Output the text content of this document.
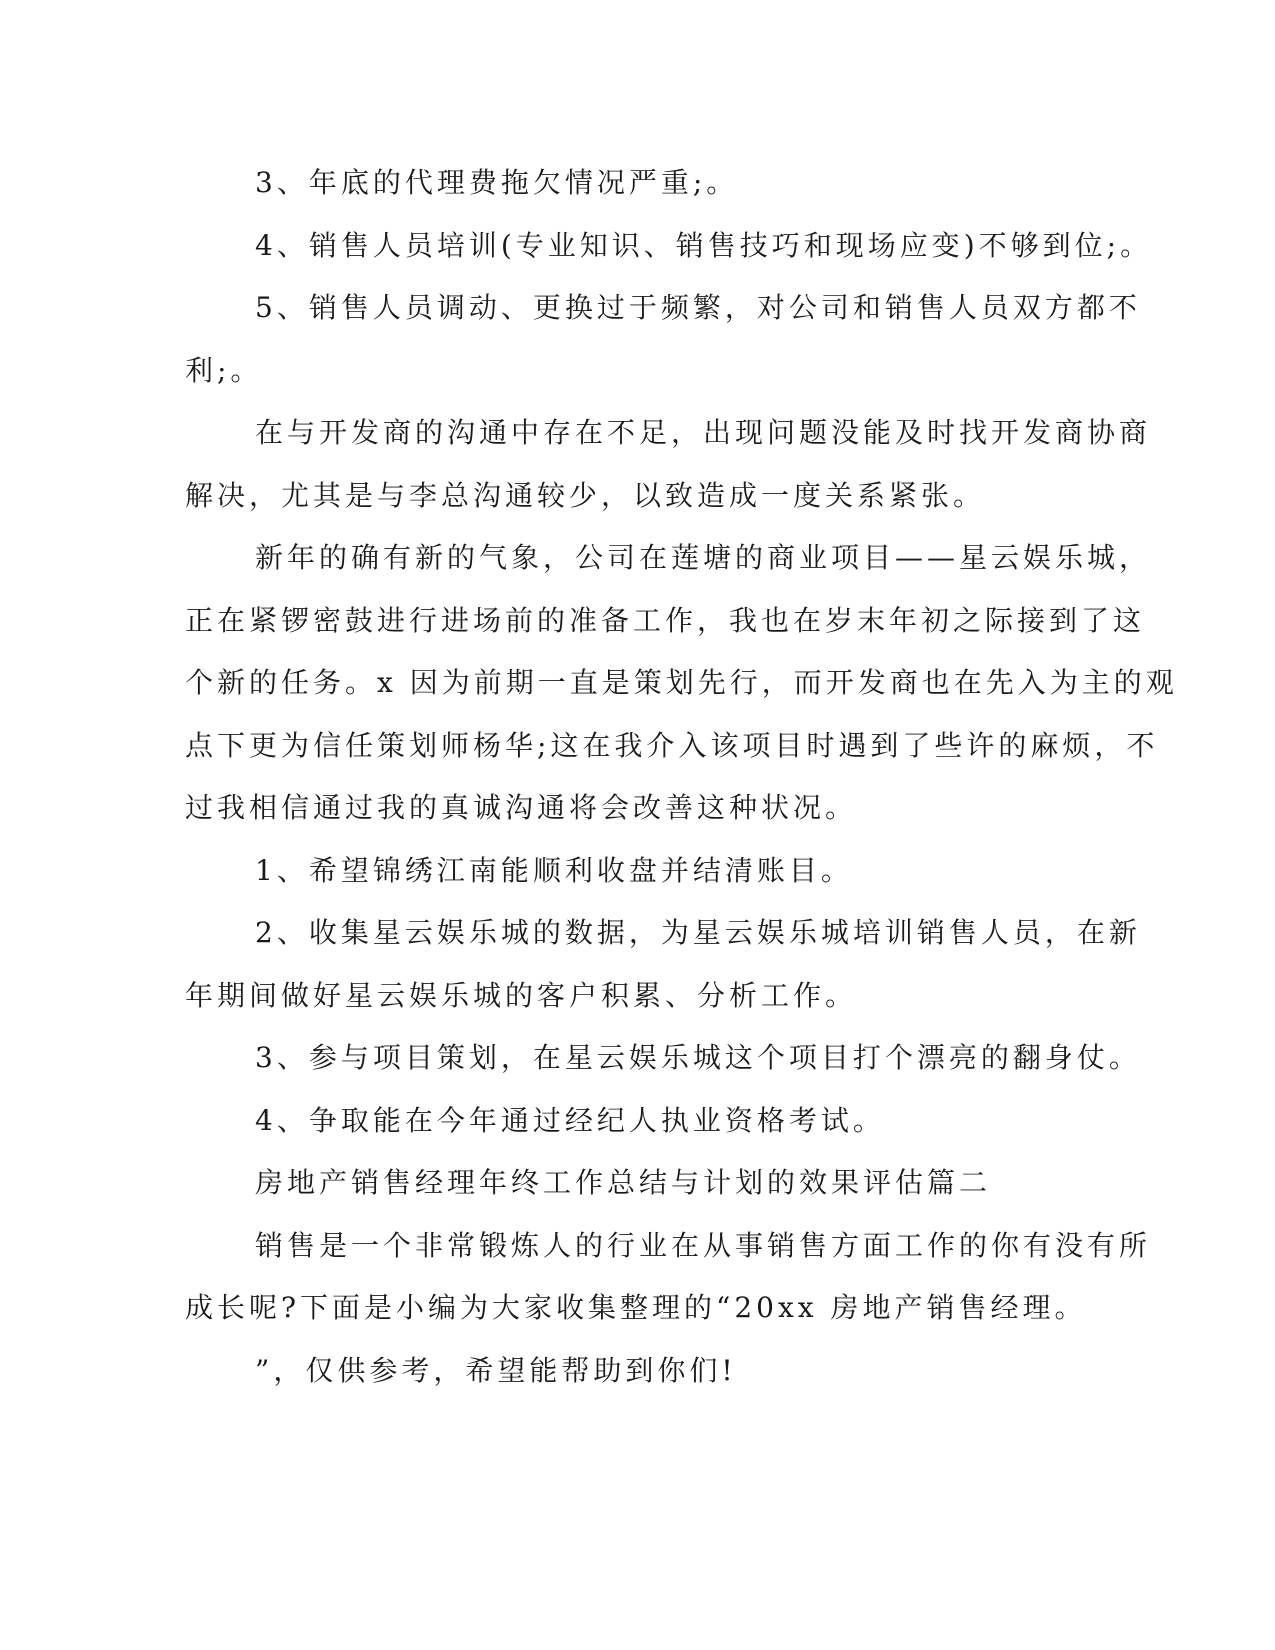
3、年底的代理费拖欠情况严重;。
4、销售人员培训(专业知识、销售技巧和现场应变)不够到位;。
5、销售人员调动、更换过于频繁，对公司和销售人员双方都不
利;。
在与开发商的沟通中存在不足，出现问题没能及时找开发商协商
解决，尤其是与李总沟通较少，以致造成一度关系紧张。
新年的确有新的气象，公司在莲塘的商业项目——星云娱乐城，
正在紧锣密鼓进行进场前的准备工作，我也在岁末年初之际接到了这
个新的任务。x 因为前期一直是策划先行，而开发商也在先入为主的观
点下更为信任策划师杨华;这在我介入该项目时遇到了些许的麻烦，不
过我相信通过我的真诚沟通将会改善这种状况。
1、希望锦绣江南能顺利收盘并结清账目。
2、收集星云娱乐城的数据，为星云娱乐城培训销售人员，在新
年期间做好星云娱乐城的客户积累、分析工作。
3、参与项目策划，在星云娱乐城这个项目打个漂亮的翻身仗。
4、争取能在今年通过经纪人执业资格考试。
房地产销售经理年终工作总结与计划的效果评估篇二
销售是一个非常锻炼人的行业在从事销售方面工作的你有没有所
成长呢?下面是小编为大家收集整理的“20xx 房地产销售经理。
”，仅供参考，希望能帮助到你们!
